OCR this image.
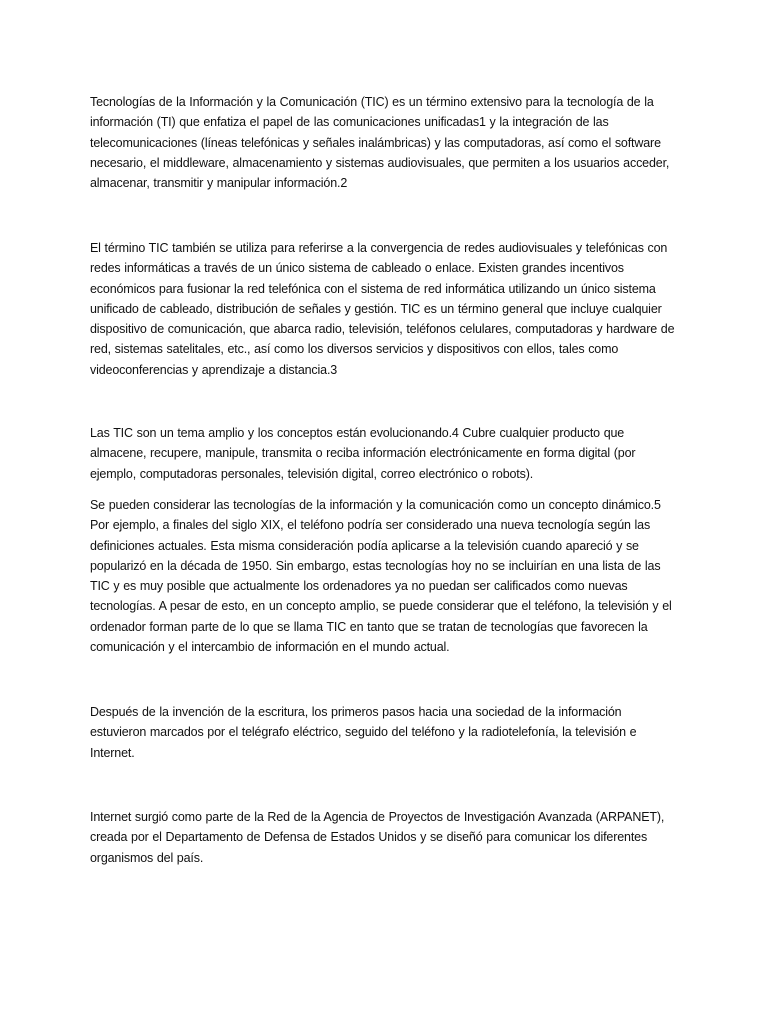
Tecnologías de la Información y la Comunicación (TIC) es un término extensivo para la tecnología de la información (TI) que enfatiza el papel de las comunicaciones unificadas1 y la integración de las telecomunicaciones (líneas telefónicas y señales inalámbricas) y las computadoras, así como el software necesario, el middleware, almacenamiento y sistemas audiovisuales, que permiten a los usuarios acceder, almacenar, transmitir y manipular información.2

El término TIC también se utiliza para referirse a la convergencia de redes audiovisuales y telefónicas con redes informáticas a través de un único sistema de cableado o enlace. Existen grandes incentivos económicos para fusionar la red telefónica con el sistema de red informática utilizando un único sistema unificado de cableado, distribución de señales y gestión. TIC es un término general que incluye cualquier dispositivo de comunicación, que abarca radio, televisión, teléfonos celulares, computadoras y hardware de red, sistemas satelitales, etc., así como los diversos servicios y dispositivos con ellos, tales como videoconferencias y aprendizaje a distancia.3

Las TIC son un tema amplio y los conceptos están evolucionando.4 Cubre cualquier producto que almacene, recupere, manipule, transmita o reciba información electrónicamente en forma digital (por ejemplo, computadoras personales, televisión digital, correo electrónico o robots).

Se pueden considerar las tecnologías de la información y la comunicación como un concepto dinámico.5 Por ejemplo, a finales del siglo XIX, el teléfono podría ser considerado una nueva tecnología según las definiciones actuales. Esta misma consideración podía aplicarse a la televisión cuando apareció y se popularizó en la década de 1950. Sin embargo, estas tecnologías hoy no se incluirían en una lista de las TIC y es muy posible que actualmente los ordenadores ya no puedan ser calificados como nuevas tecnologías. A pesar de esto, en un concepto amplio, se puede considerar que el teléfono, la televisión y el ordenador forman parte de lo que se llama TIC en tanto que se tratan de tecnologías que favorecen la comunicación y el intercambio de información en el mundo actual.

Después de la invención de la escritura, los primeros pasos hacia una sociedad de la información estuvieron marcados por el telégrafo eléctrico, seguido del teléfono y la radiotelefonía, la televisión e Internet.

Internet surgió como parte de la Red de la Agencia de Proyectos de Investigación Avanzada (ARPANET), creada por el Departamento de Defensa de Estados Unidos y se diseñó para comunicar los diferentes organismos del país.
